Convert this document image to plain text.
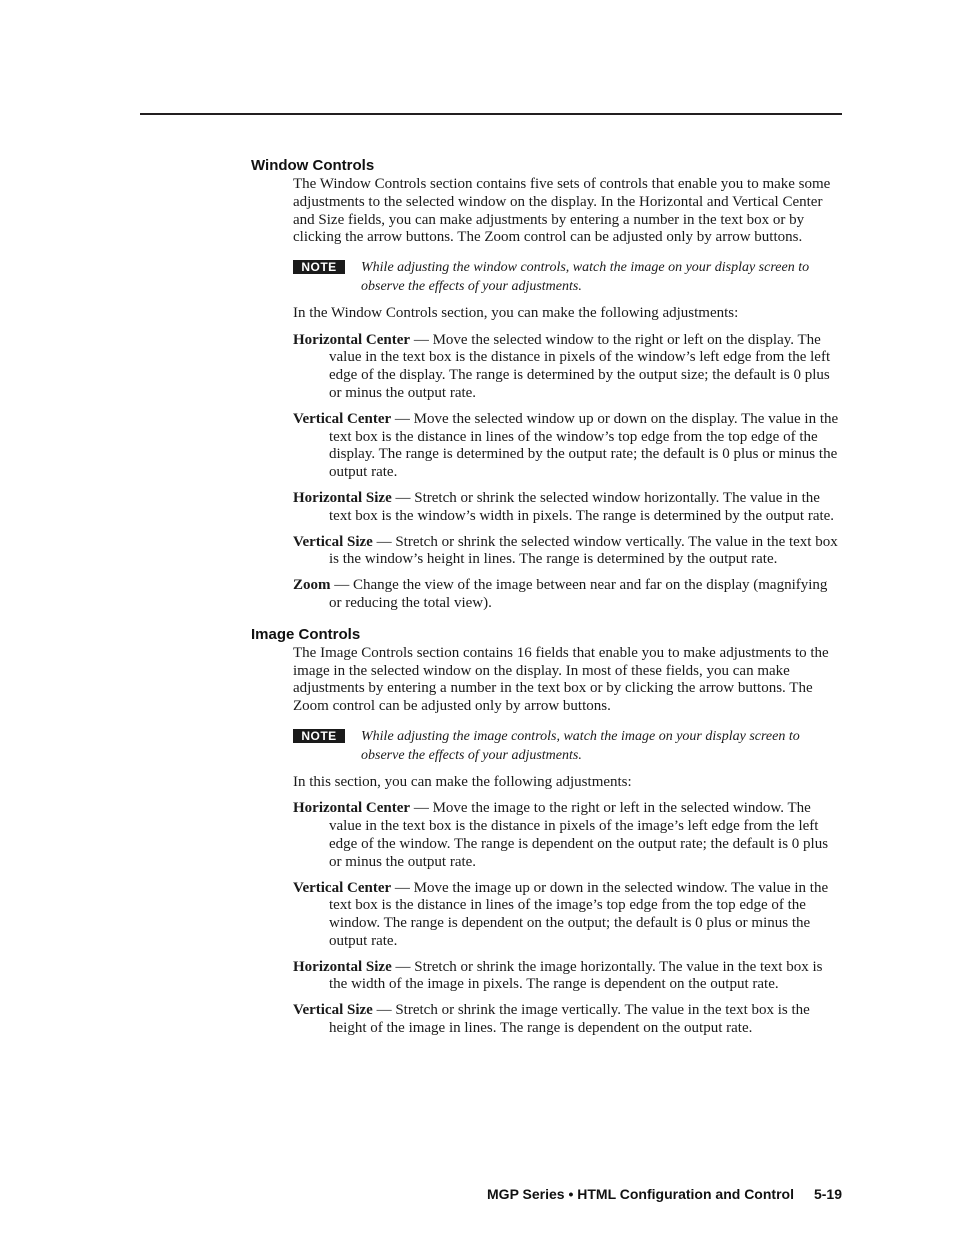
Window Controls

The Window Controls section contains five sets of controls that enable you to make some adjustments to the selected window on the display. In the Horizontal and Vertical Center and Size fields, you can make adjustments by entering a number in the text box or by clicking the arrow buttons. The Zoom control can be adjusted only by arrow buttons.

NOTE	While adjusting the window controls, watch the image on your display screen to observe the effects of your adjustments.

In the Window Controls section, you can make the following adjustments:

Horizontal Center — Move the selected window to the right or left on the display. The value in the text box is the distance in pixels of the window’s left edge from the left edge of the display. The range is determined by the output size; the default is 0 plus or minus the output rate.

Vertical Center — Move the selected window up or down on the display. The value in the text box is the distance in lines of the window’s top edge from the top edge of the display. The range is determined by the output rate; the default is 0 plus or minus the output rate.

Horizontal Size — Stretch or shrink the selected window horizontally. The value in the text box is the window’s width in pixels. The range is determined by the output rate.

Vertical Size — Stretch or shrink the selected window vertically. The value in the text box is the window’s height in lines. The range is determined by the output rate.

Zoom — Change the view of the image between near and far on the display (magnifying or reducing the total view).

Image Controls

The Image Controls section contains 16 fields that enable you to make adjustments to the image in the selected window on the display. In most of these fields, you can make adjustments by entering a number in the text box or by clicking the arrow buttons. The Zoom control can be adjusted only by arrow buttons.

NOTE	While adjusting the image controls, watch the image on your display screen to observe the effects of your adjustments.

In this section, you can make the following adjustments:

Horizontal Center — Move the image to the right or left in the selected window. The value in the text box is the distance in pixels of the image’s left edge from the left edge of the window. The range is dependent on the output rate; the default is 0 plus or minus the output rate.

Vertical Center — Move the image up or down in the selected window. The value in the text box is the distance in lines of the image’s top edge from the top edge of the window. The range is dependent on the output; the default is 0 plus or minus the output rate.

Horizontal Size — Stretch or shrink the image horizontally. The value in the text box is the width of the image in pixels. The range is dependent on the output rate.

Vertical Size — Stretch or shrink the image vertically. The value in the text box is the height of the image in lines. The range is dependent on the output rate.

MGP Series • HTML Configuration and Control 5-19
